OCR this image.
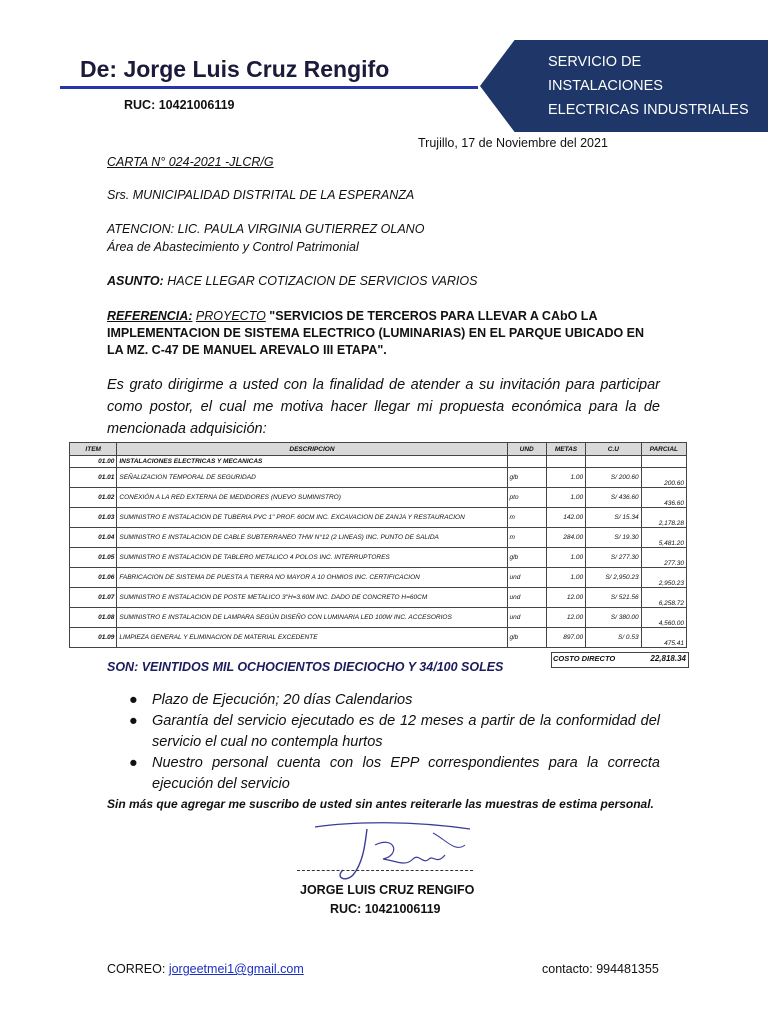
De: Jorge Luis Cruz Rengifo
RUC: 10421006119
SERVICIO DE
INSTALACIONES
ELECTRICAS INDUSTRIALES
Trujillo, 17 de Noviembre del 2021
CARTA N° 024-2021 -JLCR/G
Srs. MUNICIPALIDAD DISTRITAL DE LA ESPERANZA
ATENCION: LIC. PAULA VIRGINIA GUTIERREZ OLANO
Área de Abastecimiento y Control Patrimonial
ASUNTO: HACE LLEGAR COTIZACION DE SERVICIOS VARIOS
REFERENCIA: PROYECTO "SERVICIOS DE TERCEROS PARA LLEVAR A CAbO LA IMPLEMENTACION DE SISTEMA ELECTRICO (LUMINARIAS) EN EL PARQUE UBICADO EN LA MZ. C-47 DE MANUEL AREVALO III ETAPA".
Es grato dirigirme a usted con la finalidad de atender a su invitación para participar como postor, el cual me motiva hacer llegar mi propuesta económica para la de mencionada adquisición:
ITEM	DESCRIPCION	UND	METAS	C.U	PARCIAL
01.00	INSTALACIONES ELECTRICAS Y MECANICAS				
01.01	SEÑALIZACION TEMPORAL DE SEGURIDAD	glb	1.00	S/ 200.60	200.60
01.02	CONEXIÓN A LA RED EXTERNA DE MEDIDORES (NUEVO SUMINISTRO)	pto	1.00	S/ 436.60	436.60
01.03	SUMINISTRO E INSTALACION DE TUBERIA PVC 1" PROF. 60CM INC. EXCAVACION DE ZANJA Y RESTAURACION	m	142.00	S/ 15.34	2,178.28
01.04	SUMINISTRO E INSTALACION DE CABLE SUBTERRANEO THW N°12 (2 LINEAS) INC. PUNTO DE SALIDA	m	284.00	S/ 19.30	5,481.20
01.05	SUMINISTRO E INSTALACION DE TABLERO METALICO 4 POLOS INC. INTERRUPTORES	glb	1.00	S/ 277.30	277.30
01.06	FABRICACION DE SISTEMA DE PUESTA A TIERRA NO MAYOR A 10 OHMIOS INC. CERTIFICACION	und	1.00	S/ 2,950.23	2,950.23
01.07	SUMINISTRO E INSTALACION DE POSTE METALICO 3"H=3.60M INC. DADO DE CONCRETO H=60CM	und	12.00	S/ 521.56	6,258.72
01.08	SUMINISTRO E INSTALACION DE LAMPARA SEGÚN DISEÑO CON LUMINARIA LED 100W INC. ACCESORIOS	und	12.00	S/ 380.00	4,560.00
01.09	LIMPIEZA GENERAL Y ELIMINACION DE MATERIAL EXCEDENTE	glb	897.00	S/ 0.53	475.41
COSTO DIRECTO	22,818.34
SON: VEINTIDOS MIL OCHOCIENTOS DIECIOCHO Y 34/100 SOLES
● Plazo de Ejecución; 20 días Calendarios
● Garantía del servicio ejecutado es de 12 meses a partir de la conformidad del servicio el cual no contempla hurtos
● Nuestro personal cuenta con los EPP correspondientes para la correcta ejecución del servicio
Sin más que agregar me suscribo de usted sin antes reiterarle las muestras de estima personal.
JORGE LUIS CRUZ RENGIFO
RUC: 10421006119
CORREO: jorgeetmei1@gmail.com	contacto: 994481355
